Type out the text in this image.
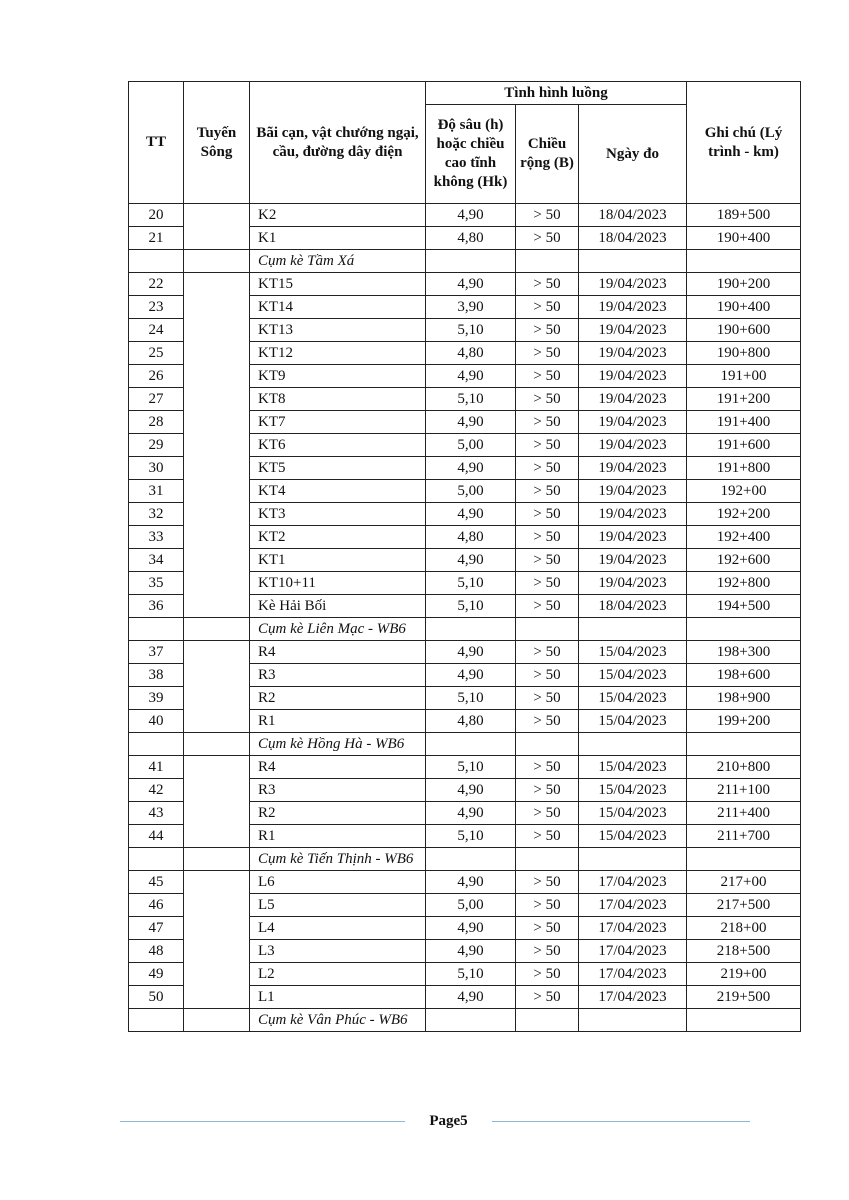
TT	Tuyến Sông	Bãi cạn, vật chướng ngại, cầu, đường dây điện	Tình hình luồng			Ghi chú (Lý trình - km)
			Độ sâu (h) hoặc chiều cao tĩnh không (Hk)	Chiều rộng (B)	Ngày đo	
20		K2	4,90	> 50	18/04/2023	189+500
21		K1	4,80	> 50	18/04/2023	190+400
		Cụm kè Tầm Xá				
22		KT15	4,90	> 50	19/04/2023	190+200
23		KT14	3,90	> 50	19/04/2023	190+400
24		KT13	5,10	> 50	19/04/2023	190+600
25		KT12	4,80	> 50	19/04/2023	190+800
26		KT9	4,90	> 50	19/04/2023	191+00
27		KT8	5,10	> 50	19/04/2023	191+200
28		KT7	4,90	> 50	19/04/2023	191+400
29		KT6	5,00	> 50	19/04/2023	191+600
30		KT5	4,90	> 50	19/04/2023	191+800
31		KT4	5,00	> 50	19/04/2023	192+00
32		KT3	4,90	> 50	19/04/2023	192+200
33		KT2	4,80	> 50	19/04/2023	192+400
34		KT1	4,90	> 50	19/04/2023	192+600
35		KT10+11	5,10	> 50	19/04/2023	192+800
36		Kè Hải Bối	5,10	> 50	18/04/2023	194+500
		Cụm kè Liên Mạc - WB6				
37		R4	4,90	> 50	15/04/2023	198+300
38		R3	4,90	> 50	15/04/2023	198+600
39		R2	5,10	> 50	15/04/2023	198+900
40		R1	4,80	> 50	15/04/2023	199+200
		Cụm kè Hồng Hà - WB6				
41		R4	5,10	> 50	15/04/2023	210+800
42		R3	4,90	> 50	15/04/2023	211+100
43		R2	4,90	> 50	15/04/2023	211+400
44		R1	5,10	> 50	15/04/2023	211+700
		Cụm kè Tiến Thịnh - WB6				
45		L6	4,90	> 50	17/04/2023	217+00
46		L5	5,00	> 50	17/04/2023	217+500
47		L4	4,90	> 50	17/04/2023	218+00
48		L3	4,90	> 50	17/04/2023	218+500
49		L2	5,10	> 50	17/04/2023	219+00
50		L1	4,90	> 50	17/04/2023	219+500
		Cụm kè Vân Phúc - WB6				
Page5
